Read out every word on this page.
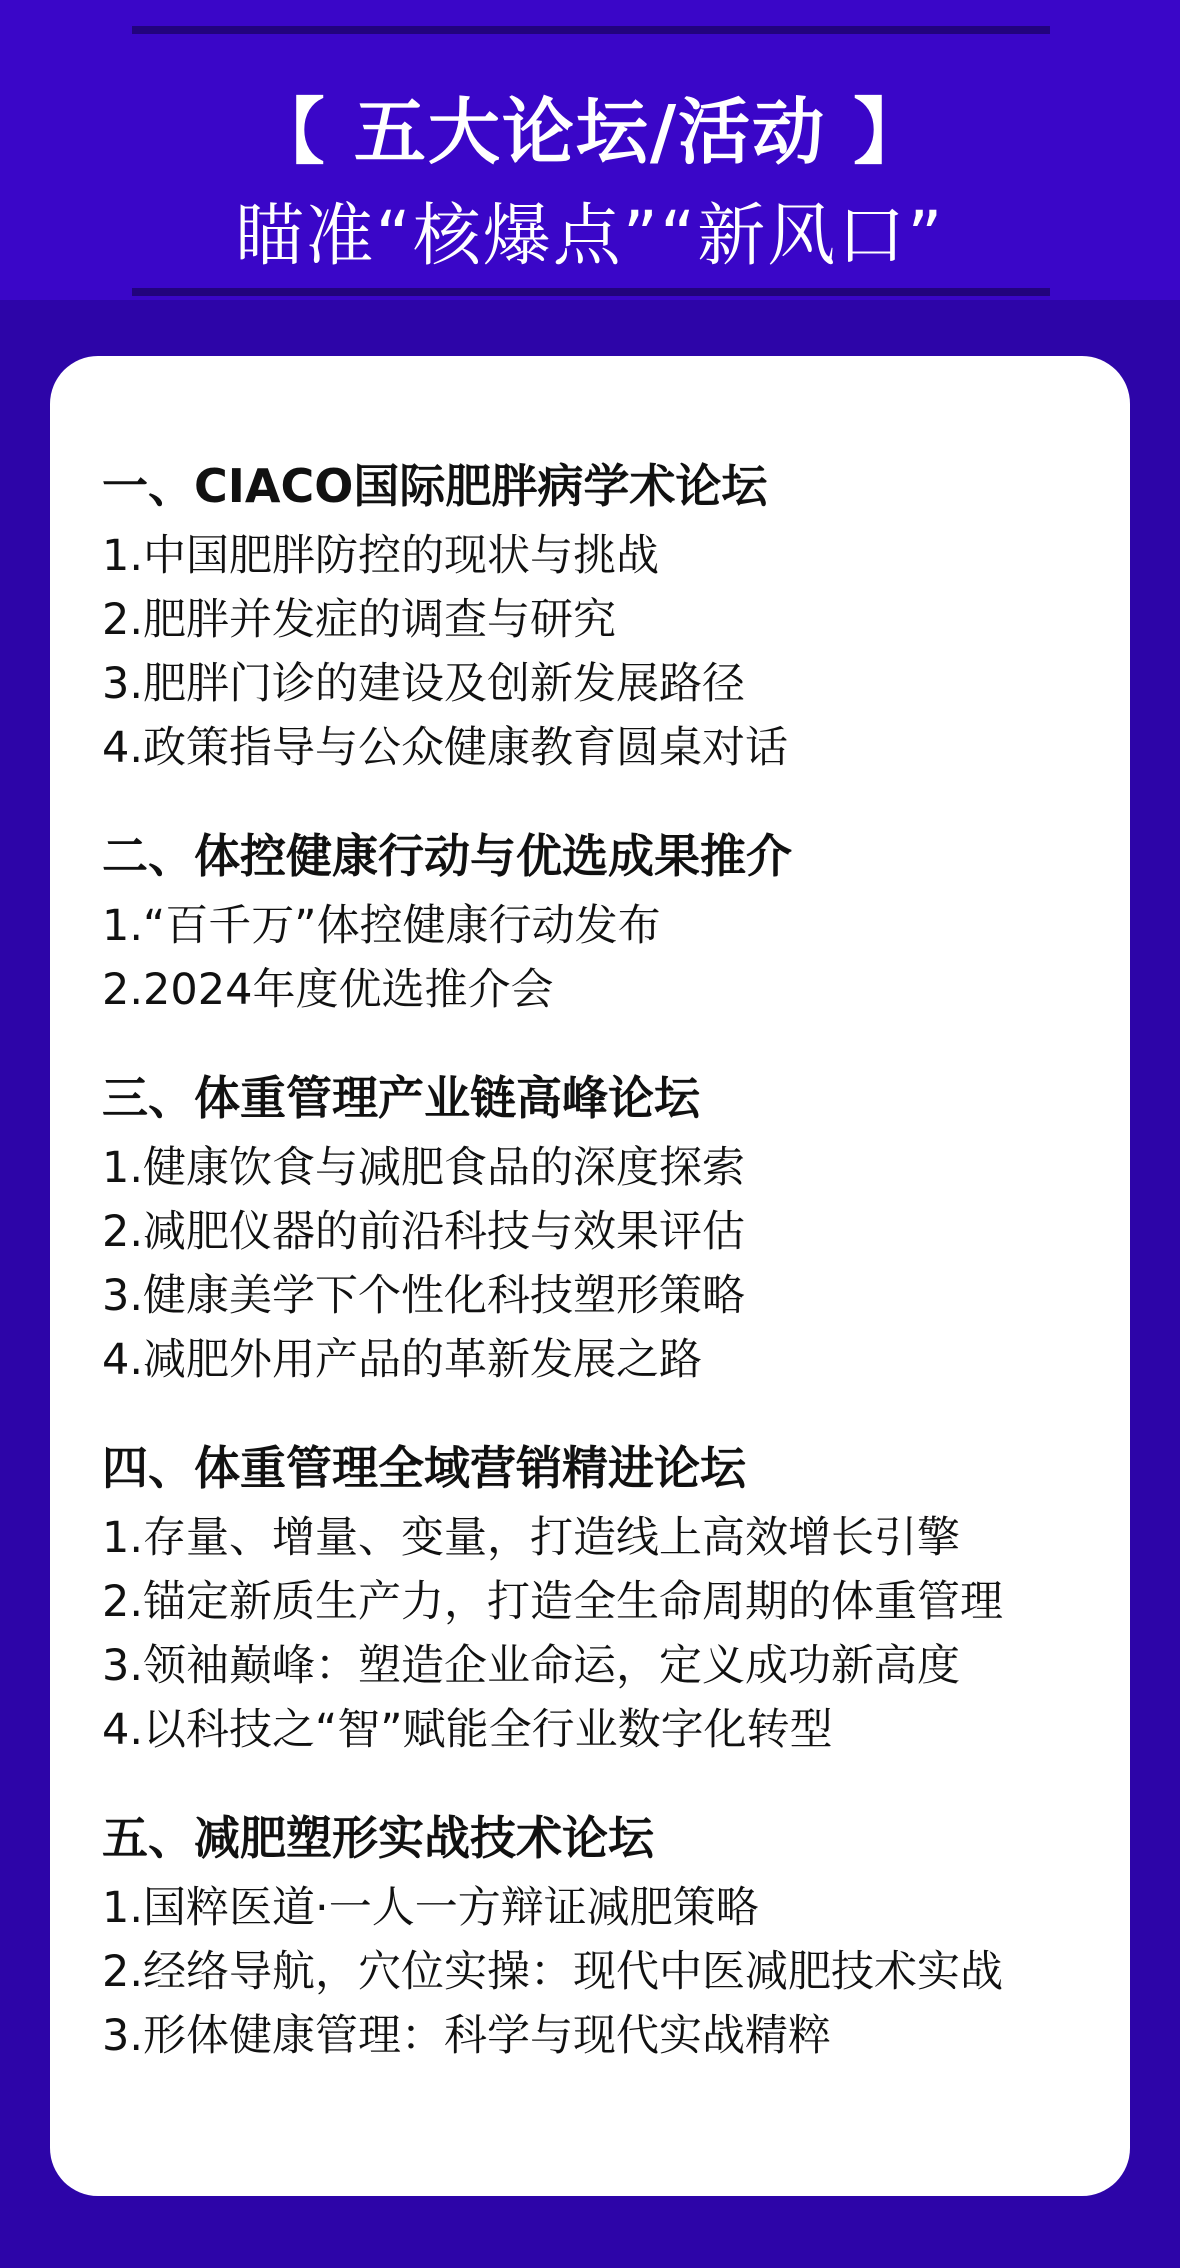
【 五大论坛/活动 】
瞄准“核爆点”“新风口”
一、CIACO国际肥胖病学术论坛
1.中国肥胖防控的现状与挑战
2.肥胖并发症的调查与研究
3.肥胖门诊的建设及创新发展路径
4.政策指导与公众健康教育圆桌对话
二、体控健康行动与优选成果推介
1.“百千万”体控健康行动发布
2.2024年度优选推介会
三、体重管理产业链高峰论坛
1.健康饮食与减肥食品的深度探索
2.减肥仪器的前沿科技与效果评估
3.健康美学下个性化科技塑形策略
4.减肥外用产品的革新发展之路
四、体重管理全域营销精进论坛
1.存量、增量、变量，打造线上高效增长引擎
2.锚定新质生产力，打造全生命周期的体重管理
3.领袖巅峰：塑造企业命运，定义成功新高度
4.以科技之“智”赋能全行业数字化转型
五、减肥塑形实战技术论坛
1.国粹医道·一人一方辩证减肥策略
2.经络导航，穴位实操：现代中医减肥技术实战
3.形体健康管理：科学与现代实战精粹
